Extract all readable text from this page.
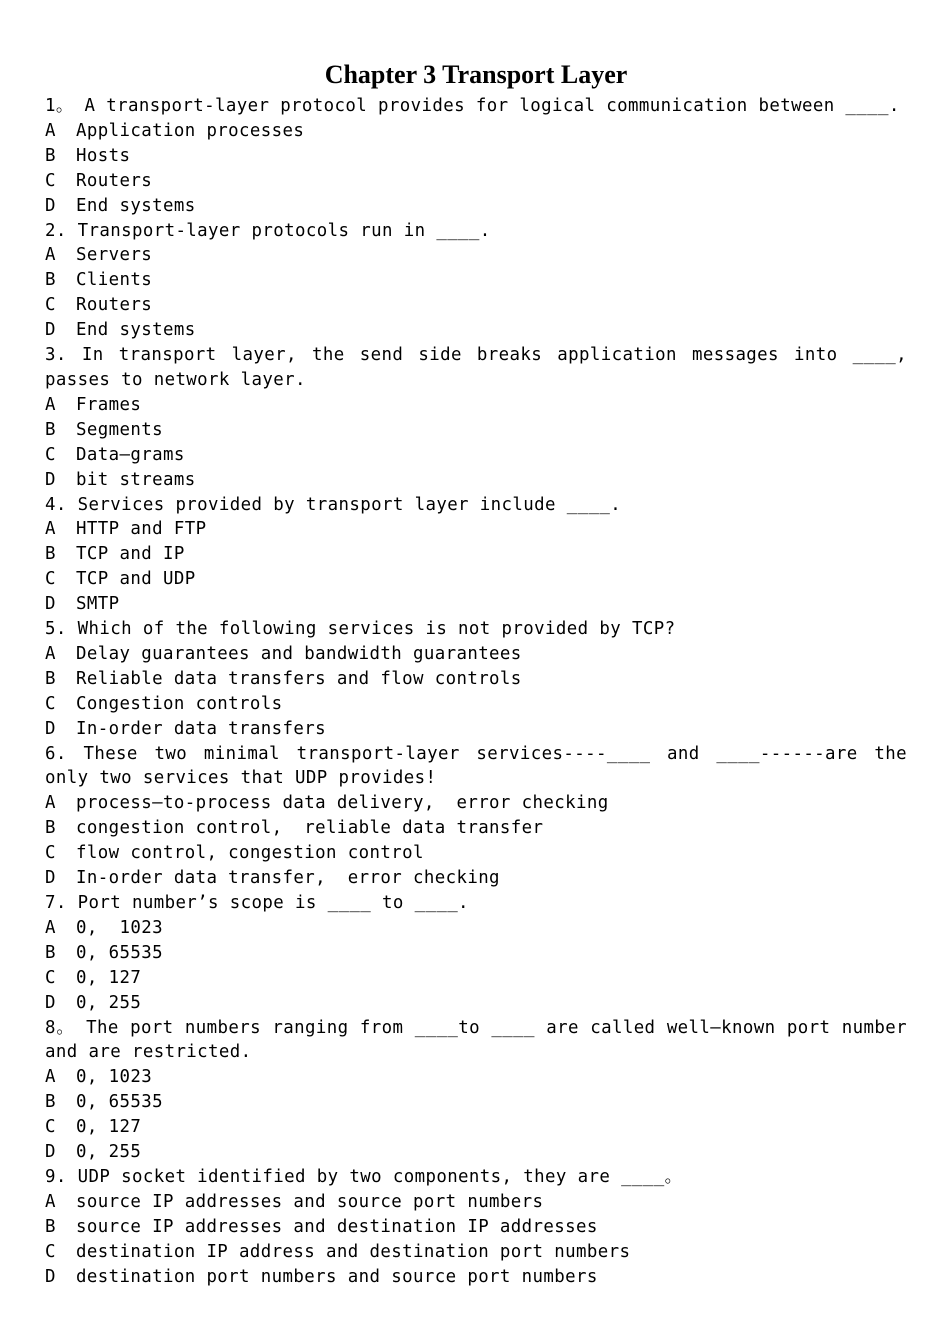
Chapter 3 Transport Layer
1。 A transport-layer protocol provides for logical communication between ____.
A	Application processes
B	Hosts
C	Routers
D	End systems
2. Transport-layer protocols run in ____.
A	Servers
B	Clients
C	Routers
D	End systems
3. In transport layer, the send side breaks application messages into ____, passes to network layer.
A	Frames
B	Segments
C	Data—grams
D	bit streams
4. Services provided by transport layer include ____.
A	HTTP and FTP
B	TCP and IP
C	TCP and UDP
D	SMTP
5. Which of the following services is not provided by TCP?
A	Delay guarantees and bandwidth guarantees
B	Reliable data transfers and flow controls
C	Congestion controls
D	In-order data transfers
6. These two minimal transport-layer services----____ and ____------are the only two services that UDP provides!
A	process—to-process data delivery,  error checking
B	congestion control,  reliable data transfer
C	flow control, congestion control
D	In-order data transfer,  error checking
7. Port number’s scope is ____ to ____.
A	0,  1023
B	0, 65535
C	0, 127
D	0, 255
8。 The port numbers ranging from ____to ____ are called well—known port number and are restricted.
A	0, 1023
B	0, 65535
C	0, 127
D	0, 255
9. UDP socket identified by two components, they are ____。
A	source IP addresses and source port numbers
B	source IP addresses and destination IP addresses
C	destination IP address and destination port numbers
D	destination port numbers and source port numbers
